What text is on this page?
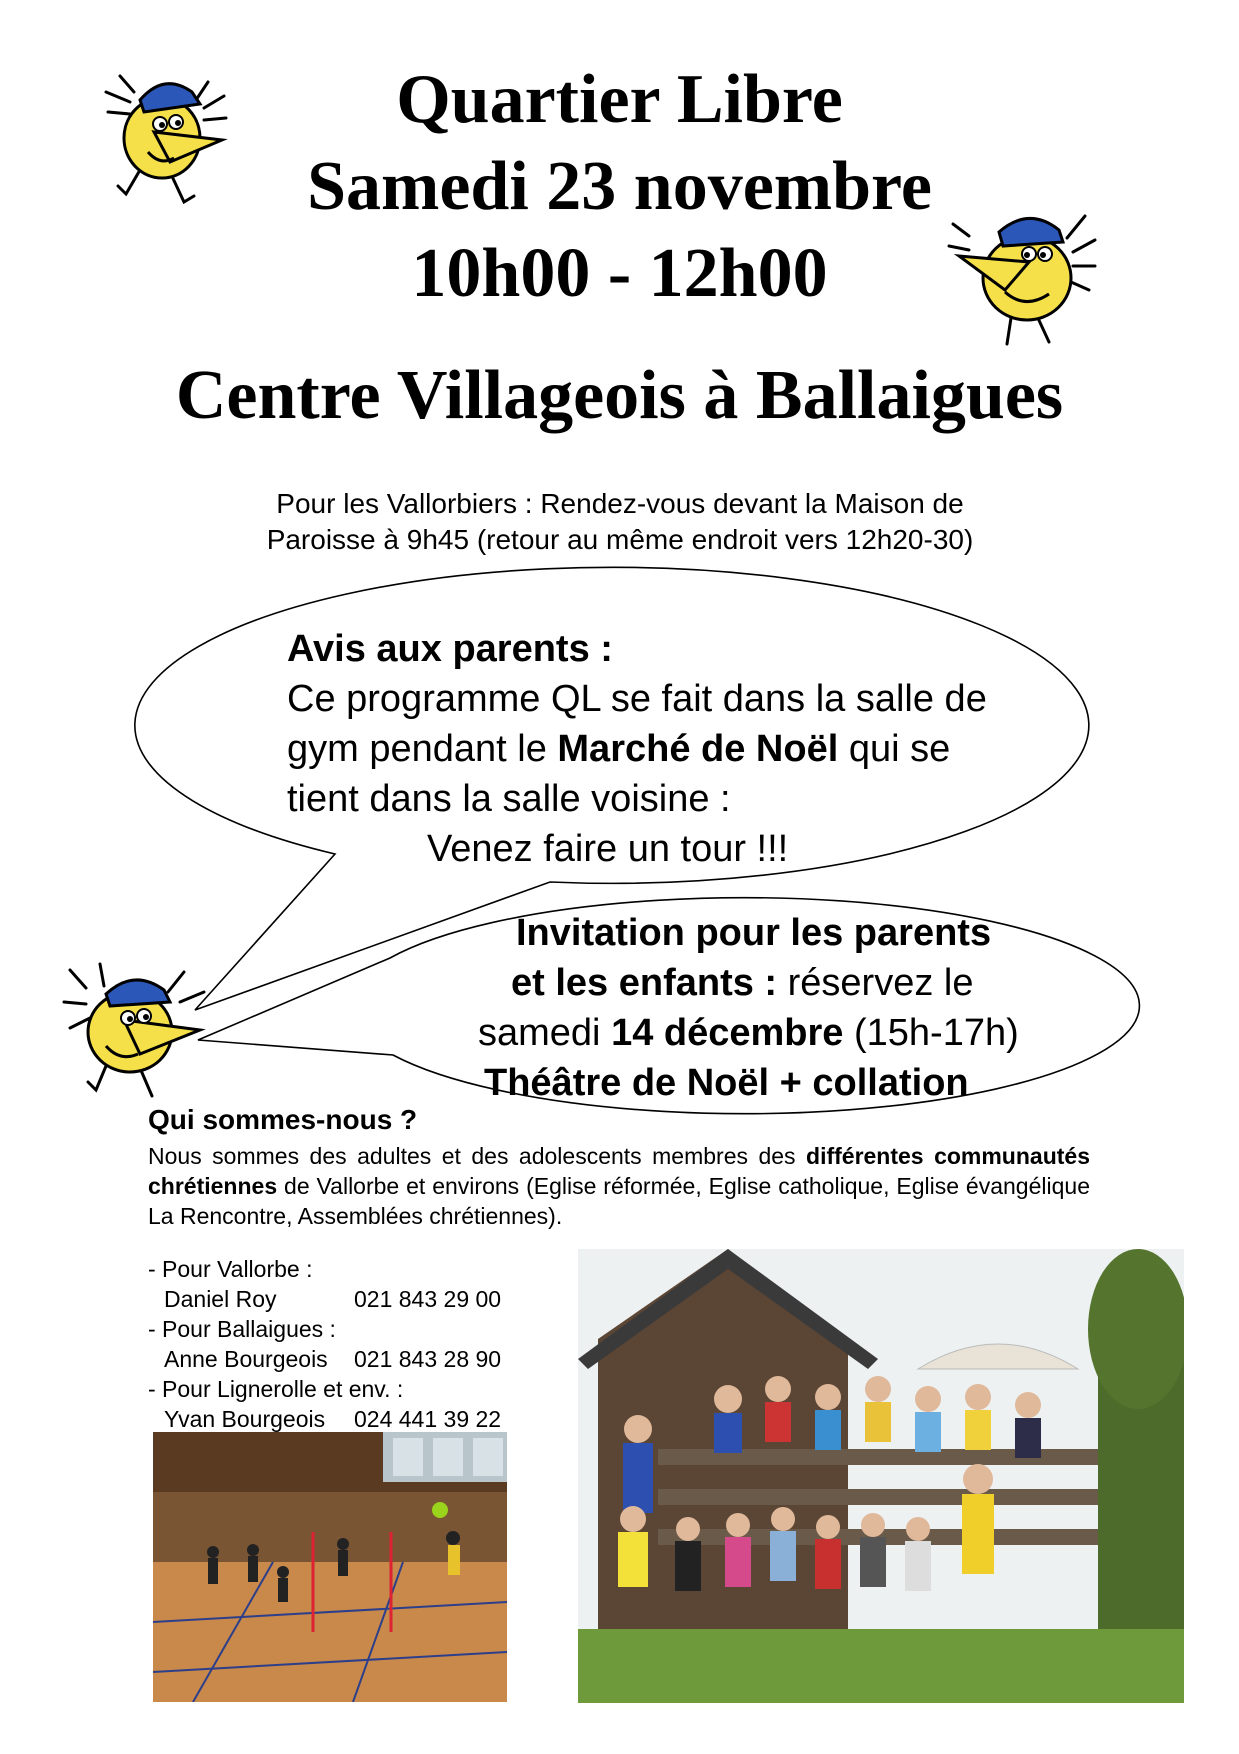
Quartier Libre
Samedi 23 novembre
10h00 - 12h00
Centre Villageois à Ballaigues
Pour les Vallorbiers : Rendez-vous devant la Maison de
Paroisse à 9h45 (retour au même endroit vers 12h20-30)
Avis aux parents :
Ce programme QL se fait dans la salle de
gym pendant le Marché de Noël qui se
tient dans la salle voisine :
Venez faire un tour !!!
Invitation pour les parents
et les enfants : réservez le
samedi 14 décembre (15h-17h)
Théâtre de Noël + collation
Qui sommes-nous ?
Nous sommes des adultes et des adolescents membres des différentes communautés chrétiennes de Vallorbe et environs (Eglise réformée, Eglise catholique, Eglise évangélique La Rencontre, Assemblées chrétiennes).
- Pour Vallorbe :
Daniel Roy	021 843 29 00
- Pour Ballaigues :
Anne Bourgeois	021 843 28 90
- Pour Lignerolle et env. :
Yvan Bourgeois	024 441 39 22
